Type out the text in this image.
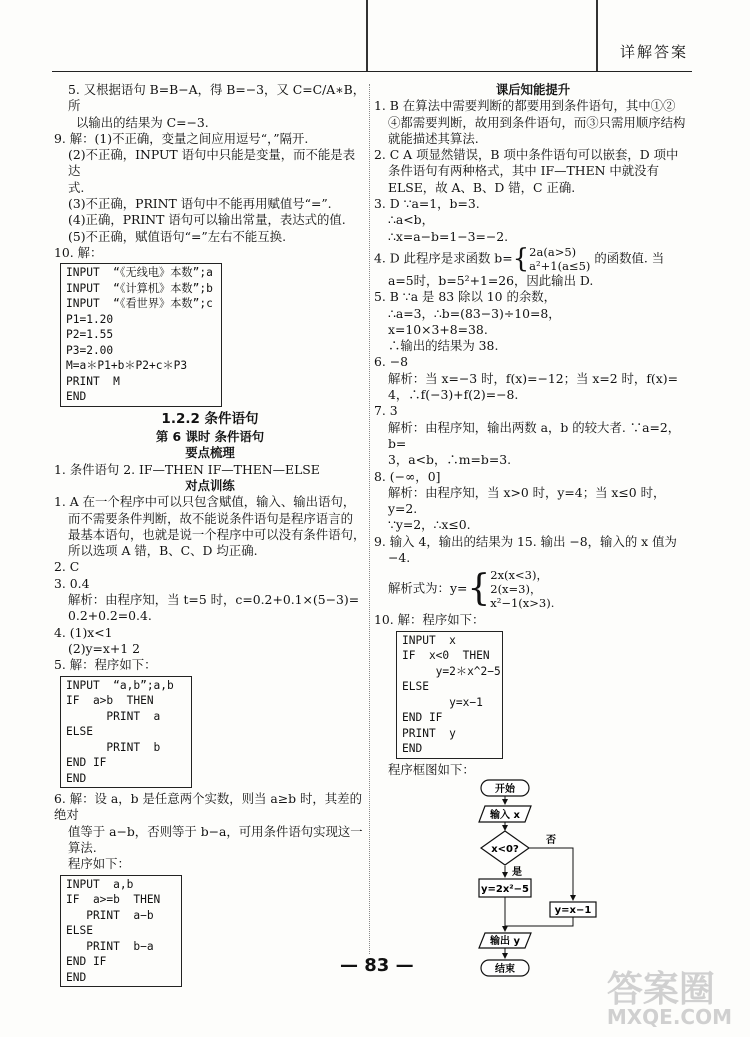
详解答案

5. 又根据语句 B=B−A，得 B=−3，又 C=C/A∗B，所

以输出的结果为 C=−3.

9. 解：(1)不正确，变量之间应用逗号“，”隔开.

(2)不正确，INPUT 语句中只能是变量，而不能是表达

式.

(3)不正确，PRINT 语句中不能再用赋值号“=”.

(4)正确，PRINT 语句可以输出常量，表达式的值.

(5)不正确，赋值语句“=”左右不能互换.

10. 解：

INPUT  “《无线电》本数”;a
INPUT  “《计算机》本数”;b
INPUT  “《看世界》本数”;c
P1=1.20
P2=1.55
P3=2.00
M=a＊P1+b＊P2+c＊P3
PRINT  M
END
1.2.2 条件语句
第 6 课时 条件语句
要点梳理

1. 条件语句 2. IF—THEN IF—THEN—ELSE

对点训练

1. A 在一个程序中可以只包含赋值，输入、输出语句，

而不需要条件判断，故不能说条件语句是程序语言的

最基本语句，也就是说一个程序中可以没有条件语句，

所以选项 A 错，B、C、D 均正确.

2. C

3. 0.4

解析：由程序知，当 t=5 时，c=0.2+0.1×(5−3)=

0.2+0.2=0.4.

4. (1)x<1

(2)y=x+1 2

5. 解：程序如下：

INPUT  “a,b”;a,b
IF  a>b  THEN
PRINT  a
ELSE
PRINT  b
END IF
END

6. 解：设 a，b 是任意两个实数，则当 a≥b 时，其差的绝对

值等于 a−b，否则等于 b−a，可用条件语句实现这一

算法.

程序如下：

INPUT  a,b
IF  a>=b  THEN
PRINT  a−b
ELSE
PRINT  b−a
END IF
END
课后知能提升

1. B 在算法中需要判断的都要用到条件语句，其中①②

④都需要判断，故用到条件语句，而③只需用顺序结构

就能描述其算法.

2. C A 项显然错误，B 项中条件语句可以嵌套，D 项中

条件语句有两种格式，其中 IF—THEN 中就没有

ELSE，故 A、B、D 错，C 正确.

3. D ∵a=1，b=3.

∴a<b，

∴x=a−b=1−3=−2.

4. D 此程序是求函数 b={2a(a>5)
a²+1(a≤5) 的函数值. 当

a=5时，b=5²+1=26，因此输出 D.

5. B ∵a 是 83 除以 10 的余数，

∴a=3，∴b=(83−3)÷10=8，

x=10×3+8=38.

∴输出的结果为 38.

6. −8

解析：当 x=−3 时，f(x)=−12；当 x=2 时，f(x)=

4，∴f(−3)+f(2)=−8.

7. 3

解析：由程序知，输出两数 a，b 的较大者. ∵a=2，b=

3，a<b，∴m=b=3.

8. (−∞，0]

解析：由程序知，当 x>0 时，y=4；当 x≤0 时，y=2.

∵y=2，∴x≤0.

9. 输入 4，输出的结果为 15. 输出 −8，输入的 x 值为

−4.

解析式为：y={2x(x<3)，
2(x=3)，
x²−1(x>3).

10. 解：程序如下：

INPUT  x
IF  x<0  THEN
y=2＊x^2−5
ELSE
y=x−1
END IF
PRINT  y
END

程序框图如下：

开始
输入 x
x<0?
是
否
y=2x²−5
y=x−1
输出 y
结束
— 83 —
答案圈
MXQE.COM
